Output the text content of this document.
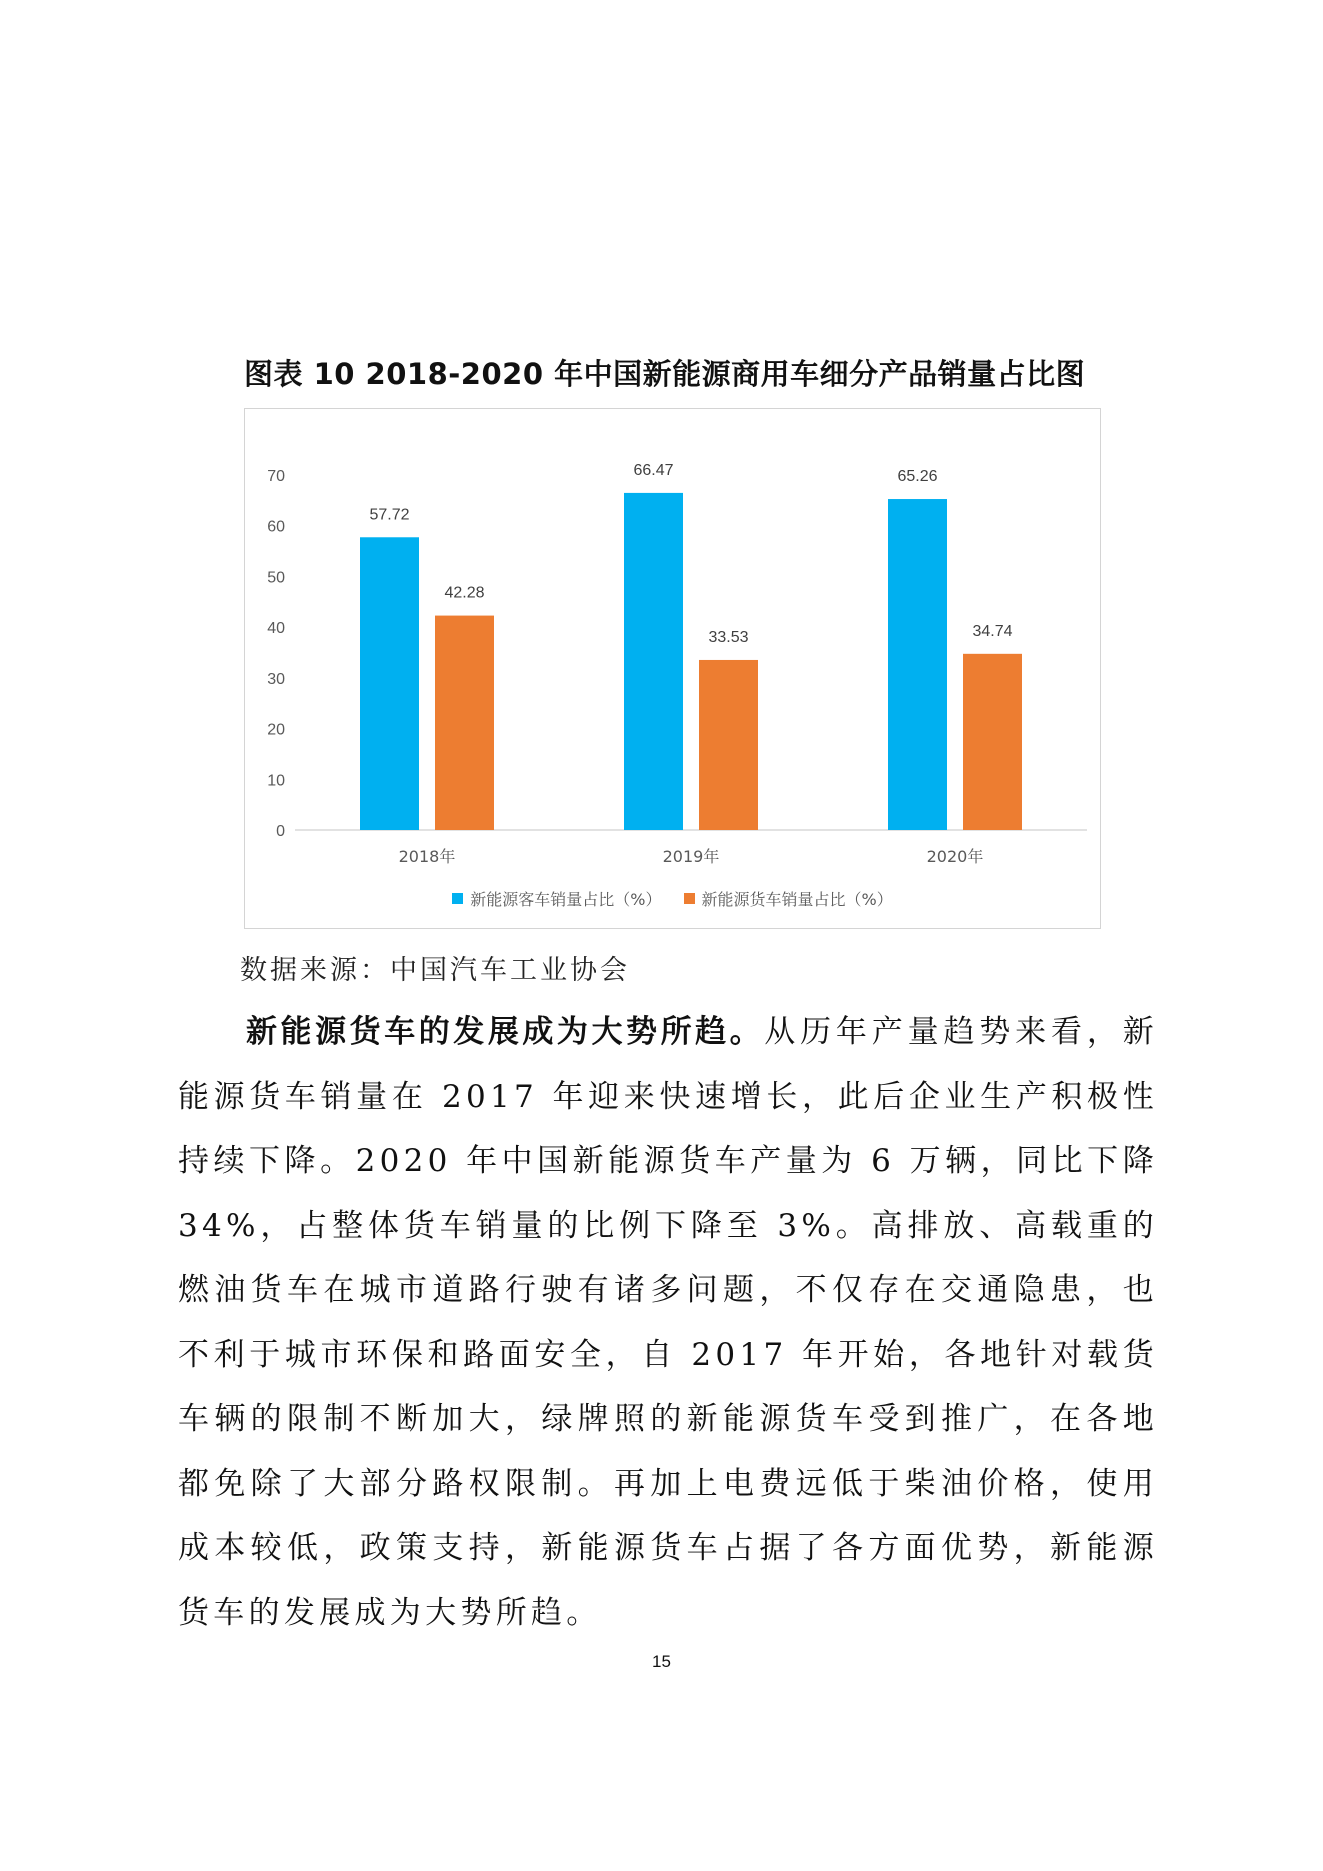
图表 10 2018-2020 年中国新能源商用车细分产品销量占比图
0
10
20
30
40
50
60
70
57.72
42.28
66.47
33.53
65.26
34.74
2018年	2019年	2020年
新能源客车销量占比（%）	新能源货车销量占比（%）
数据来源：中国汽车工业协会

新能源货车的发展成为大势所趋。从历年产量趋势来看，新能源货车销量在 2017 年迎来快速增长，此后企业生产积极性持续下降。2020 年中国新能源货车产量为 6 万辆，同比下降 34%，占整体货车销量的比例下降至 3%。高排放、高载重的燃油货车在城市道路行驶有诸多问题，不仅存在交通隐患，也不利于城市环保和路面安全，自 2017 年开始，各地针对载货车辆的限制不断加大，绿牌照的新能源货车受到推广，在各地都免除了大部分路权限制。再加上电费远低于柴油价格，使用成本较低，政策支持，新能源货车占据了各方面优势，新能源货车的发展成为大势所趋。

15
